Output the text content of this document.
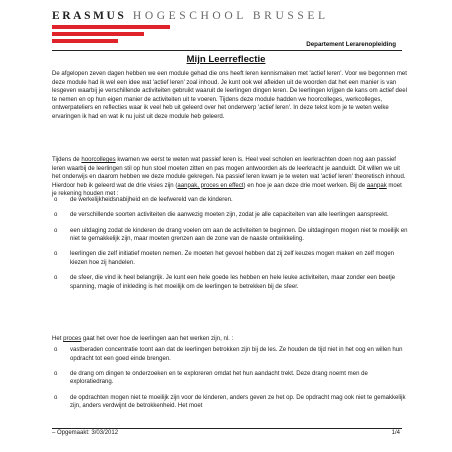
ERASMUS HOGESCHOOL BRUSSEL
Departement Lerarenopleiding
Mijn Leerreflectie
De afgelopen zeven dagen hebben we een module gehad die ons heeft leren kennismaken met 'actief leren'. Voor we begonnen met deze module had ik wel een idee wat 'actief leren' zoal inhoud. Je kunt ook wel afleiden uit de woorden dat het een manier is van lesgeven waarbij je verschillende activiteiten gebruikt waaruit de leerlingen dingen leren. De leerlingen krijgen de kans om actief deel te nemen en op hun eigen manier de activiteiten uit te voeren. Tijdens deze module hadden we hoorcolleges, werkcolleges, ontwerpateliers en reflecties waar ik veel heb uit geleerd over het onderwerp 'actief leren'. In deze tekst kom je te weten welke ervaringen ik had en wat ik nu juist uit deze module heb geleerd.
Tijdens de hoorcolleges kwamen we eerst te weten wat passief leren is. Heel veel scholen en leerkrachten doen nog aan passief leren waarbij de leerlingen stil op hun stoel moeten zitten en pas mogen antwoorden als de leerkracht je aanduidt. Dit willen we uit het onderwijs en daarom hebben we deze module gekregen. Na passief leren kwam je te weten wat 'actief leren' theoretisch inhoud. Hierdoor heb ik geleerd wat de drie visies zijn (aanpak, proces en effect) en hoe je aan deze drie moet werken. Bij de aanpak moet je rekening houden met :
o de werkelijkheidsnabijheid en de leefwereld van de kinderen.
o de verschillende soorten activiteiten die aanwezig moeten zijn, zodat je alle capaciteiten van alle leerlingen aanspreekt.
o een uitdaging zodat de kinderen de drang voelen om aan de activiteiten te beginnen. De uitdagingen mogen niet te moeilijk en niet te gemakkelijk zijn, maar moeten grenzen aan de zone van de naaste ontwikkeling.
o leerlingen die zelf initiatief moeten nemen. Ze moeten het gevoel hebben dat zij zelf keuzes mogen maken en zelf mogen kiezen hoe zij handelen.
o de sfeer, die vind ik heel belangrijk. Je kunt een hele goede les hebben en hele leuke activiteiten, maar zonder een beetje spanning, magie of inkleding is het moeilijk om de leerlingen te betrekken bij de sfeer.
Het proces gaat het over hoe de leerlingen aan het werken zijn, nl. :
o vastberaden concentratie toont aan dat de leerlingen betrokken zijn bij de les. Ze houden de tijd niet in het oog en willen hun opdracht tot een goed einde brengen.
o de drang om dingen te onderzoeken en te exploreren omdat het hun aandacht trekt. Deze drang noemt men de exploratiedrang.
o de opdrachten mogen niet te moeilijk zijn voor de kinderen, anders geven ze het op. De opdracht mag ook niet te gemakkelijk zijn, anders verdwijnt de betrokkenheid. Het moet
– Opgemaakt: 3/03/2012	1/4
